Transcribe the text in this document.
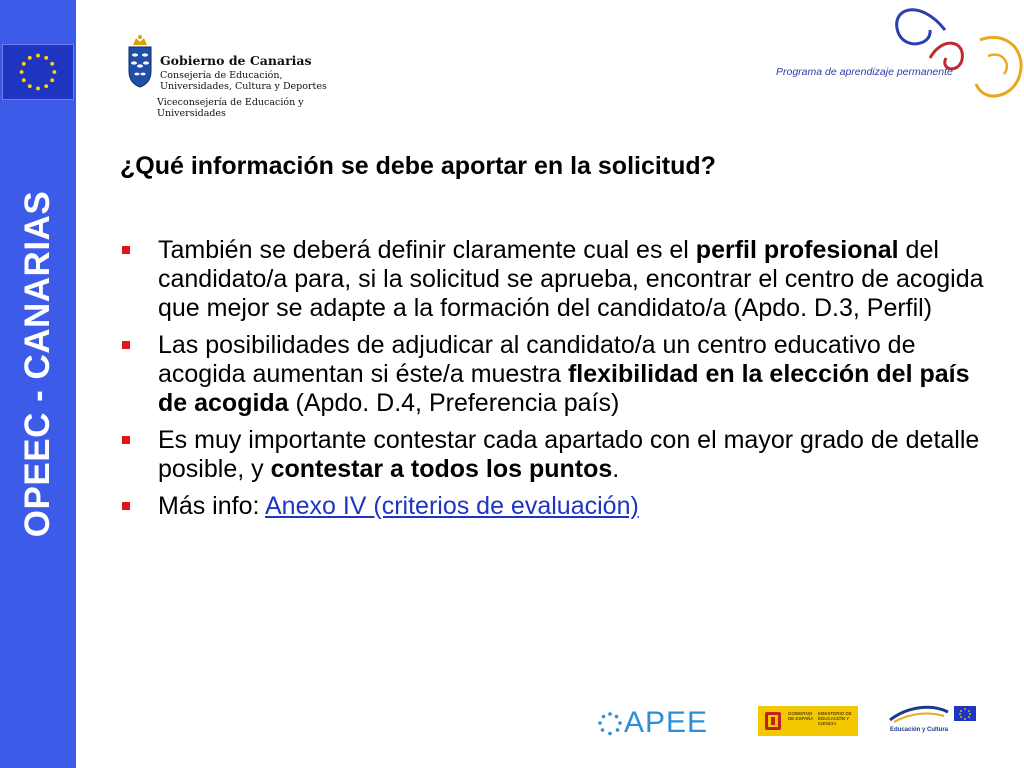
OPEEC - CANARIAS
Gobierno de Canarias
Consejería de Educación, Universidades, Cultura y Deportes
Viceconsejería de Educación y Universidades
Programa de aprendizaje permanente
¿Qué información se debe aportar en la solicitud?
También se deberá definir claramente cual es el perfil profesional del candidato/a para, si la solicitud se aprueba, encontrar el centro de acogida que mejor se adapte a la formación del candidato/a (Apdo. D.3, Perfil)
Las posibilidades de adjudicar al candidato/a un centro educativo de acogida aumentan si éste/a muestra flexibilidad en la elección del país de acogida (Apdo. D.4, Preferencia país)
Es muy importante contestar cada apartado con el mayor grado de detalle posible, y contestar a todos los puntos.
Más info: Anexo IV (criterios de evaluación)
APEE	GOBIERNO DE ESPAÑA
MINISTERIO DE EDUCACIÓN Y CIENCIA
Educación y Cultura
